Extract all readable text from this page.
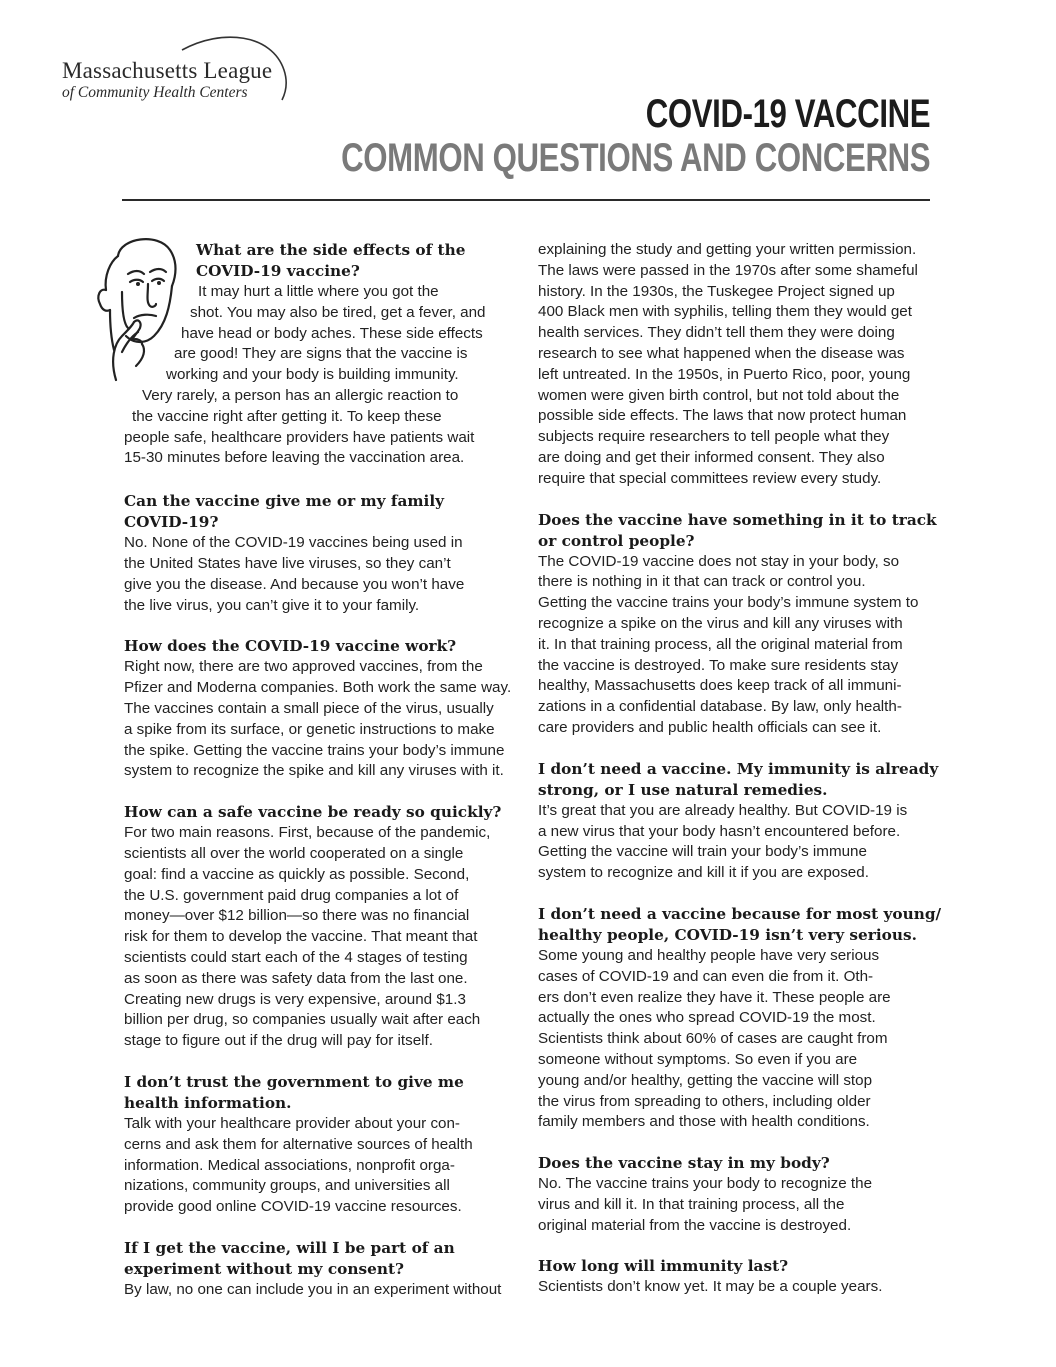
Massachusetts League
of Community Health Centers	COVID-19 VACCINE
COMMON QUESTIONS AND CONCERNS
What are the side effects of the
COVID-19 vaccine?
It may hurt a little where you got the
shot. You may also be tired, get a fever, and
have head or body aches. These side effects
are good! They are signs that the vaccine is
working and your body is building immunity.
Very rarely, a person has an allergic reaction to
the vaccine right after getting it. To keep these
people safe, healthcare providers have patients wait
15-30 minutes before leaving the vaccination area.
Can the vaccine give me or my family
COVID-19?
No. None of the COVID-19 vaccines being used in
the United States have live viruses, so they can’t
give you the disease. And because you won’t have
the live virus, you can’t give it to your family.
How does the COVID-19 vaccine work?
Right now, there are two approved vaccines, from the
Pfizer and Moderna companies. Both work the same way.
The vaccines contain a small piece of the virus, usually
a spike from its surface, or genetic instructions to make
the spike. Getting the vaccine trains your body’s immune
system to recognize the spike and kill any viruses with it.
How can a safe vaccine be ready so quickly?
For two main reasons. First, because of the pandemic,
scientists all over the world cooperated on a single
goal: find a vaccine as quickly as possible. Second,
the U.S. government paid drug companies a lot of
money—over $12 billion—so there was no financial
risk for them to develop the vaccine. That meant that
scientists could start each of the 4 stages of testing
as soon as there was safety data from the last one.
Creating new drugs is very expensive, around $1.3
billion per drug, so companies usually wait after each
stage to figure out if the drug will pay for itself.
I don’t trust the government to give me
health information.
Talk with your healthcare provider about your con-
cerns and ask them for alternative sources of health
information. Medical associations, nonprofit orga-
nizations, community groups, and universities all
provide good online COVID-19 vaccine resources.
If I get the vaccine, will I be part of an
experiment without my consent?
By law, no one can include you in an experiment without
explaining the study and getting your written permission.
The laws were passed in the 1970s after some shameful
history. In the 1930s, the Tuskegee Project signed up
400 Black men with syphilis, telling them they would get
health services. They didn’t tell them they were doing
research to see what happened when the disease was
left untreated. In the 1950s, in Puerto Rico, poor, young
women were given birth control, but not told about the
possible side effects. The laws that now protect human
subjects require researchers to tell people what they
are doing and get their informed consent. They also
require that special committees review every study.
Does the vaccine have something in it to track
or control people?
The COVID-19 vaccine does not stay in your body, so
there is nothing in it that can track or control you.
Getting the vaccine trains your body’s immune system to
recognize a spike on the virus and kill any viruses with
it. In that training process, all the original material from
the vaccine is destroyed. To make sure residents stay
healthy, Massachusetts does keep track of all immuni-
zations in a confidential database. By law, only health-
care providers and public health officials can see it.
I don’t need a vaccine. My immunity is already
strong, or I use natural remedies.
It’s great that you are already healthy. But COVID-19 is
a new virus that your body hasn’t encountered before.
Getting the vaccine will train your body’s immune
system to recognize and kill it if you are exposed.
I don’t need a vaccine because for most young/
healthy people, COVID-19 isn’t very serious.
Some young and healthy people have very serious
cases of COVID-19 and can even die from it. Oth-
ers don’t even realize they have it. These people are
actually the ones who spread COVID-19 the most.
Scientists think about 60% of cases are caught from
someone without symptoms. So even if you are
young and/or healthy, getting the vaccine will stop
the virus from spreading to others, including older
family members and those with health conditions.
Does the vaccine stay in my body?
No. The vaccine trains your body to recognize the
virus and kill it. In that training process, all the
original material from the vaccine is destroyed.
How long will immunity last?
Scientists don’t know yet. It may be a couple years.
